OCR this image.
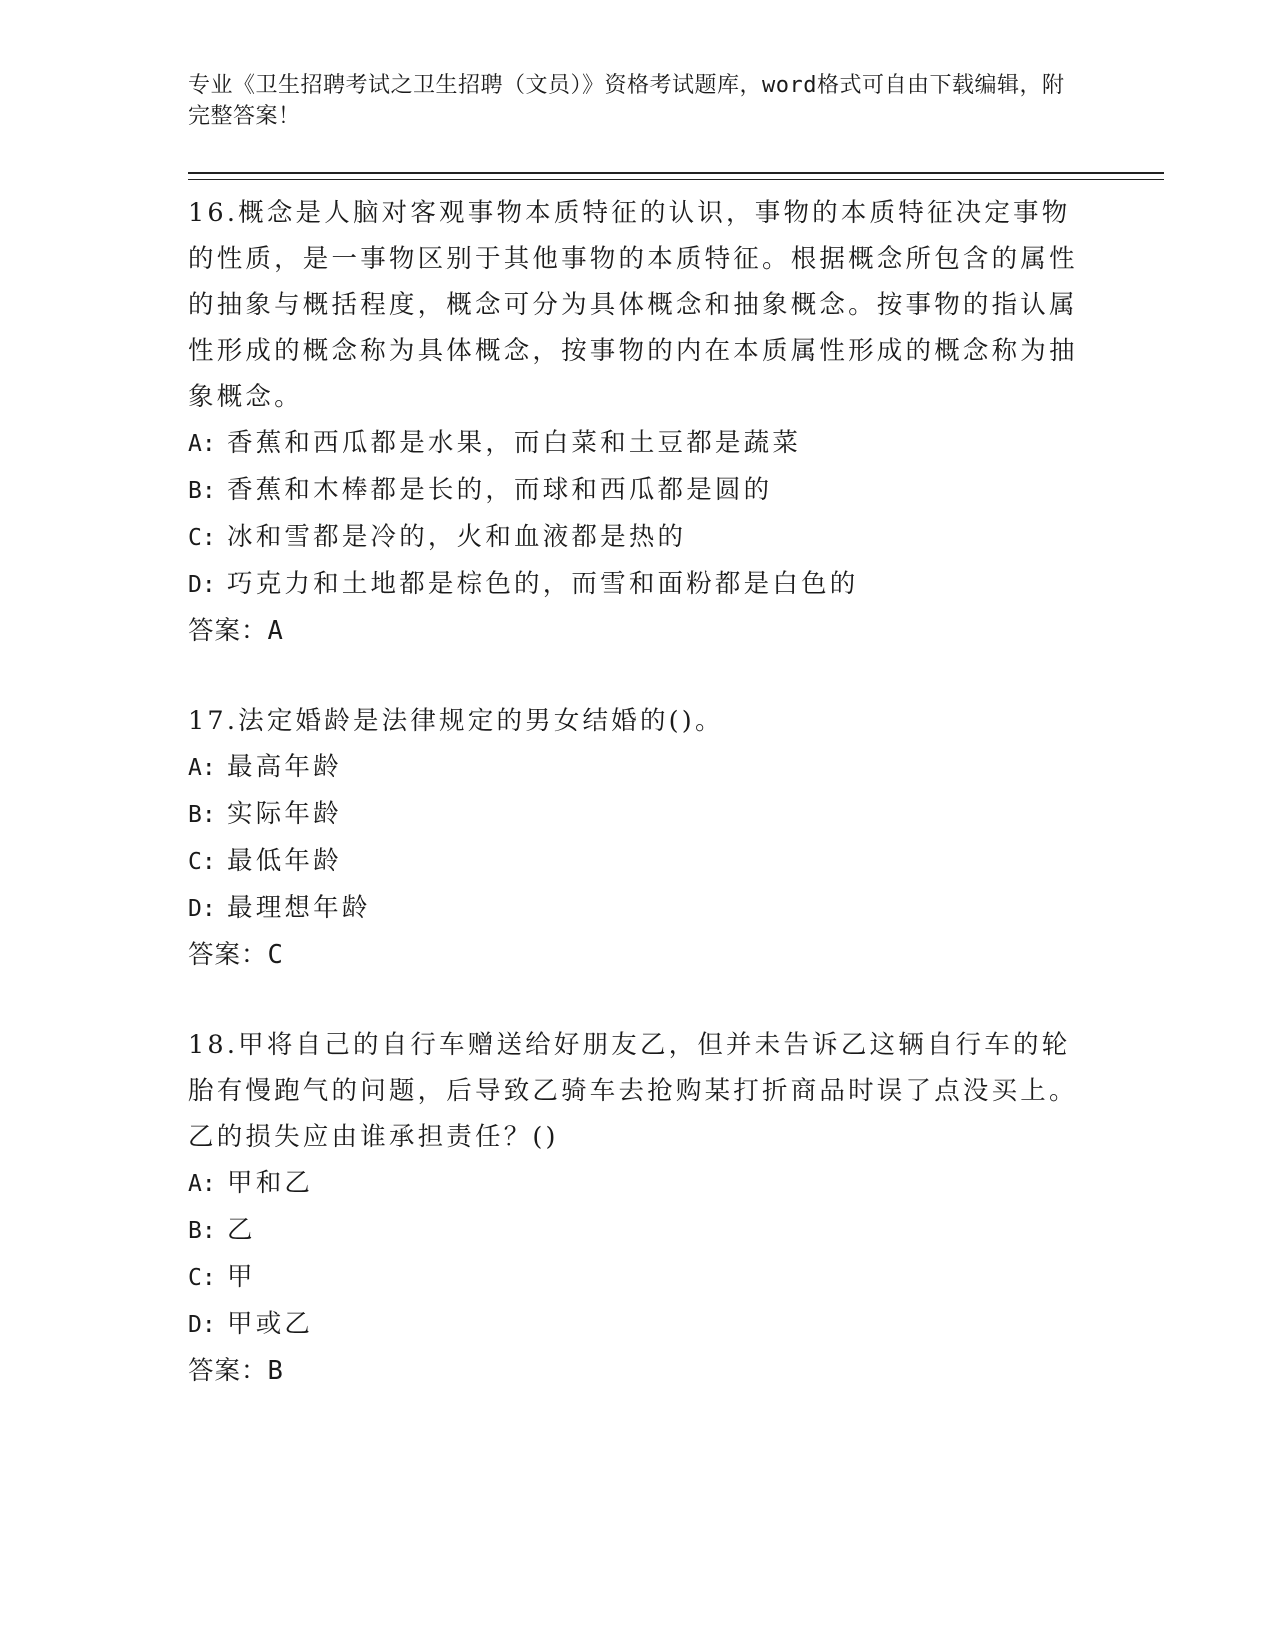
专业《卫生招聘考试之卫生招聘（文员）》资格考试题库，word格式可自由下载编辑，附完整答案！

16.概念是人脑对客观事物本质特征的认识，事物的本质特征决定事物的性质，是一事物区别于其他事物的本质特征。根据概念所包含的属性的抽象与概括程度，概念可分为具体概念和抽象概念。按事物的指认属性形成的概念称为具体概念，按事物的内在本质属性形成的概念称为抽象概念。

A: 香蕉和西瓜都是水果，而白菜和土豆都是蔬菜

B: 香蕉和木棒都是长的，而球和西瓜都是圆的

C: 冰和雪都是冷的，火和血液都是热的

D: 巧克力和土地都是棕色的，而雪和面粉都是白色的

答案：A

17.法定婚龄是法律规定的男女结婚的()。

A: 最高年龄

B: 实际年龄

C: 最低年龄

D: 最理想年龄

答案：C

18.甲将自己的自行车赠送给好朋友乙，但并未告诉乙这辆自行车的轮胎有慢跑气的问题，后导致乙骑车去抢购某打折商品时误了点没买上。乙的损失应由谁承担责任？()

A: 甲和乙

B: 乙

C: 甲

D: 甲或乙

答案：B
